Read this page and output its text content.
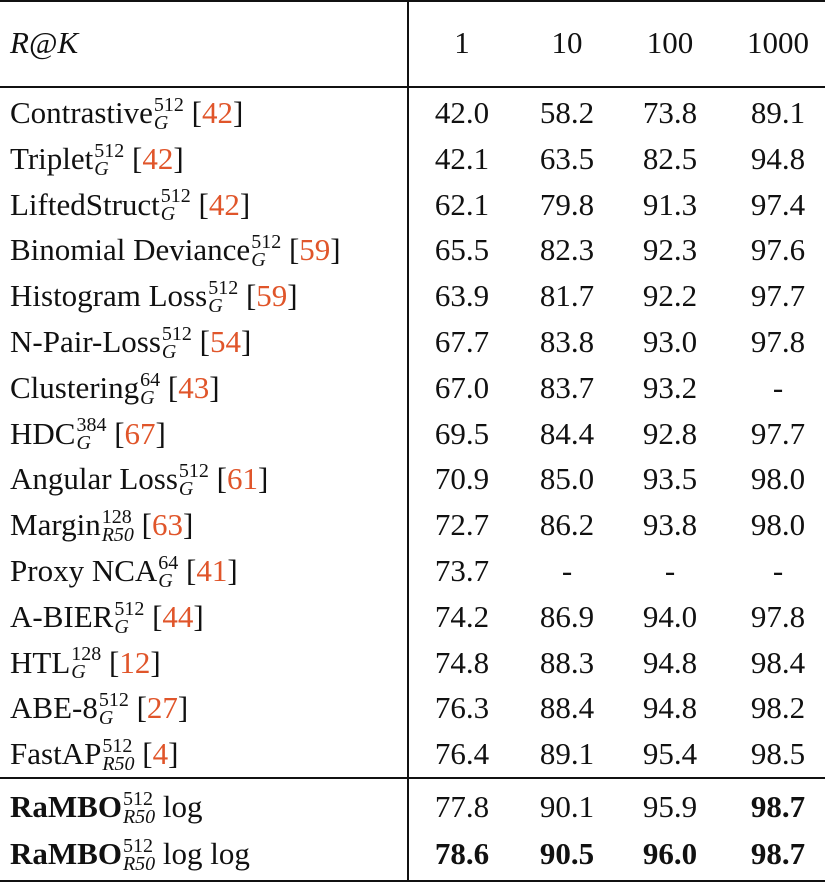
R@K	1	10	100	1000
Contrastive 512
G [42]	42.0	58.2	73.8	89.1
Triplet 512
G [42]	42.1	63.5	82.5	94.8
LiftedStruct 512
G [42]	62.1	79.8	91.3	97.4
Binomial Deviance 512
G [59]	65.5	82.3	92.3	97.6
Histogram Loss 512
G [59]	63.9	81.7	92.2	97.7
N-Pair-Loss 512
G [54]	67.7	83.8	93.0	97.8
Clustering 64
G [43]	67.0	83.7	93.2	-
HDC 384
G [67]	69.5	84.4	92.8	97.7
Angular Loss 512
G [61]	70.9	85.0	93.5	98.0
Margin 128
R50 [63]	72.7	86.2	93.8	98.0
Proxy NCA 64
G [41]	73.7	-	-	-
A-BIER 512
G [44]	74.2	86.9	94.0	97.8
HTL 128
G [12]	74.8	88.3	94.8	98.4
ABE-8 512
G [27]	76.3	88.4	94.8	98.2
FastAP 512
R50 [4]	76.4	89.1	95.4	98.5
RaMBO 512
R50 log	77.8	90.1	95.9	98.7
RaMBO 512
R50 log log	78.6	90.5	96.0	98.7
